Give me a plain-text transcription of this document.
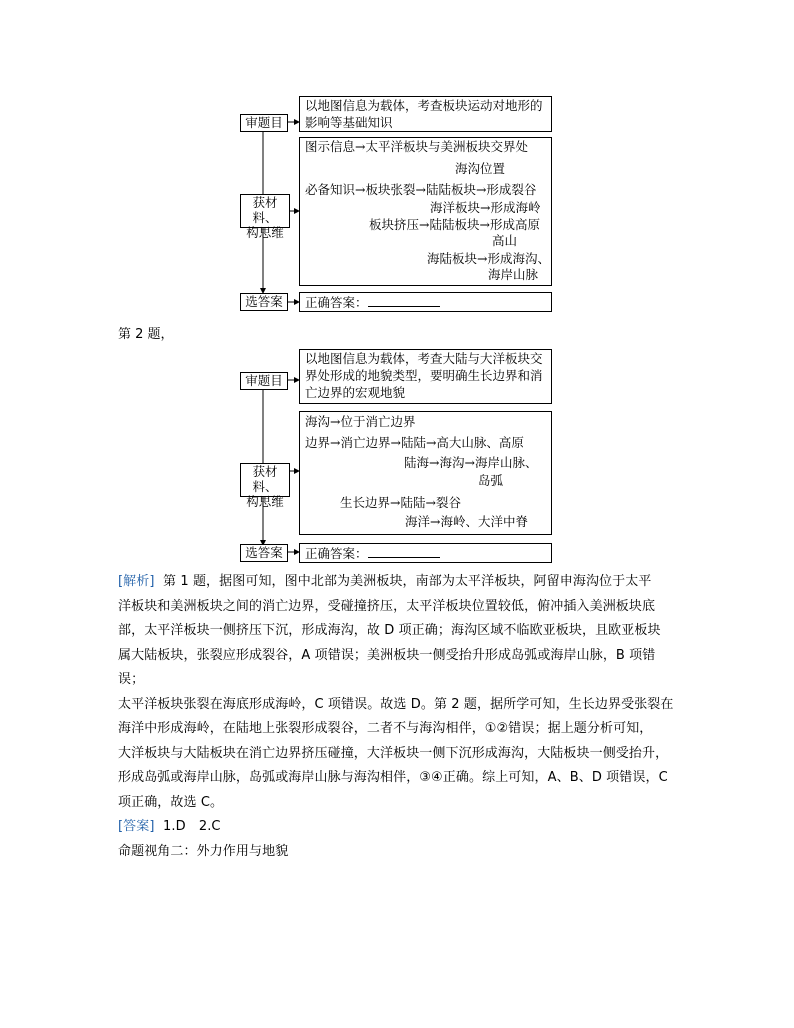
审题目
以地图信息为载体，考查板块运动对地形的
影响等基础知识
获材料、
构思维
图示信息→太平洋板块与美洲板块交界处
海沟位置
必备知识→板块张裂→陆陆板块→形成裂谷
海洋板块→形成海岭
板块挤压→陆陆板块→形成高原
高山
海陆板块→形成海沟、
海岸山脉
选答案	正确答案：
第 2 题，
审题目
以地图信息为载体，考查大陆与大洋板块交
界处形成的地貌类型，要明确生长边界和消
亡边界的宏观地貌
获材料、
构思维
海沟→位于消亡边界
边界→消亡边界→陆陆→高大山脉、高原
陆海→海沟→海岸山脉、
岛弧
生长边界→陆陆→裂谷
海洋→海岭、大洋中脊
选答案	正确答案：
[解析] 第 1 题，据图可知，图中北部为美洲板块，南部为太平洋板块，阿留申海沟位于太平
洋板块和美洲板块之间的消亡边界，受碰撞挤压，太平洋板块位置较低，俯冲插入美洲板块底
部，太平洋板块一侧挤压下沉，形成海沟，故 D 项正确；海沟区域不临欧亚板块，且欧亚板块
属大陆板块，张裂应形成裂谷，A 项错误；美洲板块一侧受抬升形成岛弧或海岸山脉，B 项错误；
太平洋板块张裂在海底形成海岭，C 项错误。故选 D。第 2 题，据所学可知，生长边界受张裂在
海洋中形成海岭，在陆地上张裂形成裂谷，二者不与海沟相伴，①②错误；据上题分析可知，
大洋板块与大陆板块在消亡边界挤压碰撞，大洋板块一侧下沉形成海沟，大陆板块一侧受抬升，
形成岛弧或海岸山脉，岛弧或海岸山脉与海沟相伴，③④正确。综上可知，A、B、D 项错误，C
项正确，故选 C。
[答案] 1.D　2.C
命题视角二：外力作用与地貌
